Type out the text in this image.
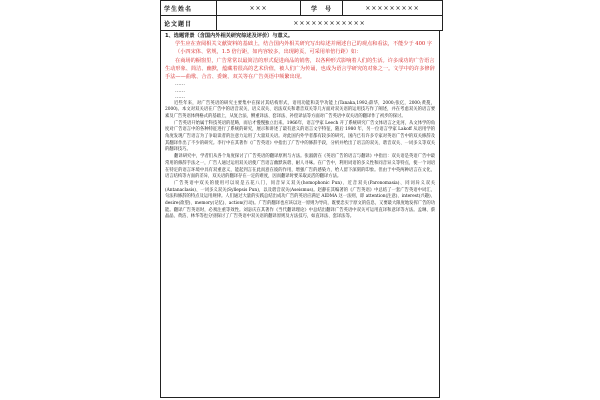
学生姓名	×××	学　号	×××××××××
论文题目	××××××××××××		

1、选题背景（含国内外相关研究综述及评价）与意义。

学生应在查阅相关文献资料的基础上，结合国内外相关研究写出综述并阐述自己的观点和看法，不能少于 400 字

（小四宋体、常规，1.5 倍行距，如内容较多，出现跨页，可采用单倍行距）如：

在商场的橱窗里，广告常常以最简洁的形式促进商品的销售，以各种形式影响着人们的生活。许多成功的广告语言生动形象、简洁、幽默，蕴藏着很高的艺术价值，被人们广为传诵，也成为语言学研究的对象之一。文学中的许多修辞手法——曲歌、合音、委婉、双关等在广告英语中频繁出现。

……

……

……

近些年来，对广告英语的研究主要集中在探讨其结构形式、语用功能和美学功能上(Tanaka,1992;薛华，2000;张亿，2000;黄蔓，2000)。本文对双关语在广告中的语音双关、语义双关、语法双关和谐音双关等几方面对双关语的运用技巧作了阐述，并在考虑双关的语言要素及广告英语体例格式的基础上，从复合法、侧重译法、套译法、补偿译法等方面对广告英语中双关语的翻译作了初步的探讨。

广告英语开始属于科技英语的范畴，而后才慢慢独立出来。1966年，语言学家 Leech 开了系统研究广告文体语言之先河，从文体学的角度对广告语言中的各种特征进行了系统的研究，展示和讲述了最有意义的语言文字特征，随后 1980 年，另一位语言学家 Lakoff 从语用学的角度发现广告语言为了争取读者的注意力运用了大量双关语。对此国内外学者都有较多的研究，国内已有许多专家对英语广告中的双关修辞及其翻译作出了不少的研究。李行中在其著作《广告英语》中指出了广告中的修辞手段，分析并给出了语言的双关、谐音双关、一词多义等双关的翻译技巧。

翻译研究中，学者们从各个角度探讨了广告英语的翻译原则与方法。张淑蔚在《英语广告的语言与翻译》中指出：双关语是英语广告中最常用的修辞手法之一，广告人通过运用双关语使广告语言幽默诙谐、耐人寻味。在广告中，利用词语的多义性和同音异义等特点，使一个词语在特定的语言环境中具有双重意义，能起到言在此而意在彼的作用，增强广告的感染力，给人留下深刻的印象。但由于中英两种语言在文化、语言结构等方面的差异，双关语的翻译存在一定的难度，因而翻译时要采取灵活的翻译方法。

广告英语中双关的使用可以说是五花八门，同音异义双关(homophonic Pun)、近音双关(Paronomasia)、同词异义双关(Antanaclasis)、一词多义双关(Syllepsis Pun)，以及谐音双关(Aseismus)。赵静在其编著的《广告英语》中总结了一套广告英语中词汇、句法和修辞的特点及运用规律。人们通过大量的实践总结出成功广告的英语应满足 AIDMA 这一法则，即 attention(注意)、interest(兴趣)、desire(欲望)、memory(记忆)、action(行动)。广告的翻译也应该以这一原则为导向，既要忠实于原文的信息，又要最大限度地发挥广告的功能。翻译广告英语时，必须注重等效性。刘宓庆在其著作《当代翻译理论》中总结出翻译广告英语中双关可运用直译和意译等方法。孟琳、蔡晶晶、黄洁、林华等也分别探讨了广告英语中双关语的翻译原则及方法技巧，如直译法、套译法等。
